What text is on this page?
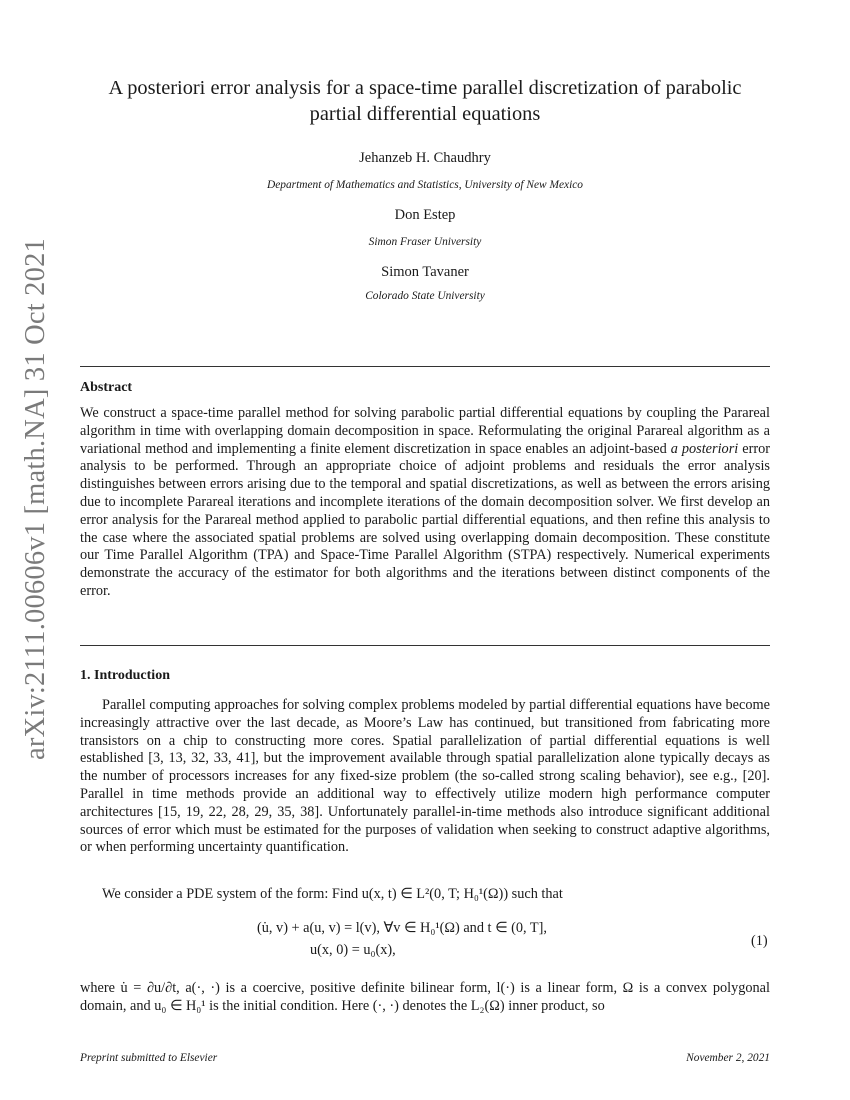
arXiv:2111.00606v1 [math.NA] 31 Oct 2021
A posteriori error analysis for a space-time parallel discretization of parabolic
partial differential equations
Jehanzeb H. Chaudhry
Department of Mathematics and Statistics, University of New Mexico
Don Estep
Simon Fraser University
Simon Tavaner
Colorado State University
Abstract
We construct a space-time parallel method for solving parabolic partial differential equations by coupling the Parareal algorithm in time with overlapping domain decomposition in space. Reformulating the original Parareal algorithm as a variational method and implementing a finite element discretization in space enables an adjoint-based a posteriori error analysis to be performed. Through an appropriate choice of adjoint problems and residuals the error analysis distinguishes between errors arising due to the temporal and spatial discretizations, as well as between the errors arising due to incomplete Parareal iterations and incomplete iterations of the domain decomposition solver. We first develop an error analysis for the Parareal method applied to parabolic partial differential equations, and then refine this analysis to the case where the associated spatial problems are solved using overlapping domain decomposition. These constitute our Time Parallel Algorithm (TPA) and Space-Time Parallel Algorithm (STPA) respectively. Numerical experiments demonstrate the accuracy of the estimator for both algorithms and the iterations between distinct components of the error.
1. Introduction
Parallel computing approaches for solving complex problems modeled by partial differential equations have become increasingly attractive over the last decade, as Moore’s Law has continued, but transitioned from fabricating more transistors on a chip to constructing more cores. Spatial parallelization of partial differential equations is well established [3, 13, 32, 33, 41], but the improvement available through spatial parallelization alone typically decays as the number of processors increases for any fixed-size problem (the so-called strong scaling behavior), see e.g., [20]. Parallel in time methods provide an additional way to effectively utilize modern high performance computer architectures [15, 19, 22, 28, 29, 35, 38]. Unfortunately parallel-in-time methods also introduce significant additional sources of error which must be estimated for the purposes of validation when seeking to construct adaptive algorithms, or when performing uncertainty quantification.
We consider a PDE system of the form: Find u(x, t) ∈ L²(0, T; H₀¹(Ω)) such that
(u̇, v) + a(u, v) = l(v), ∀v ∈ H₀¹(Ω) and t ∈ (0, T],
u(x, 0) = u₀(x),
(1)
where u̇ = ∂u/∂t, a(·, ·) is a coercive, positive definite bilinear form, l(·) is a linear form, Ω is a convex polygonal domain, and u₀ ∈ H₀¹ is the initial condition. Here (·, ·) denotes the L₂(Ω) inner product, so
Preprint submitted to Elsevier	November 2, 2021
